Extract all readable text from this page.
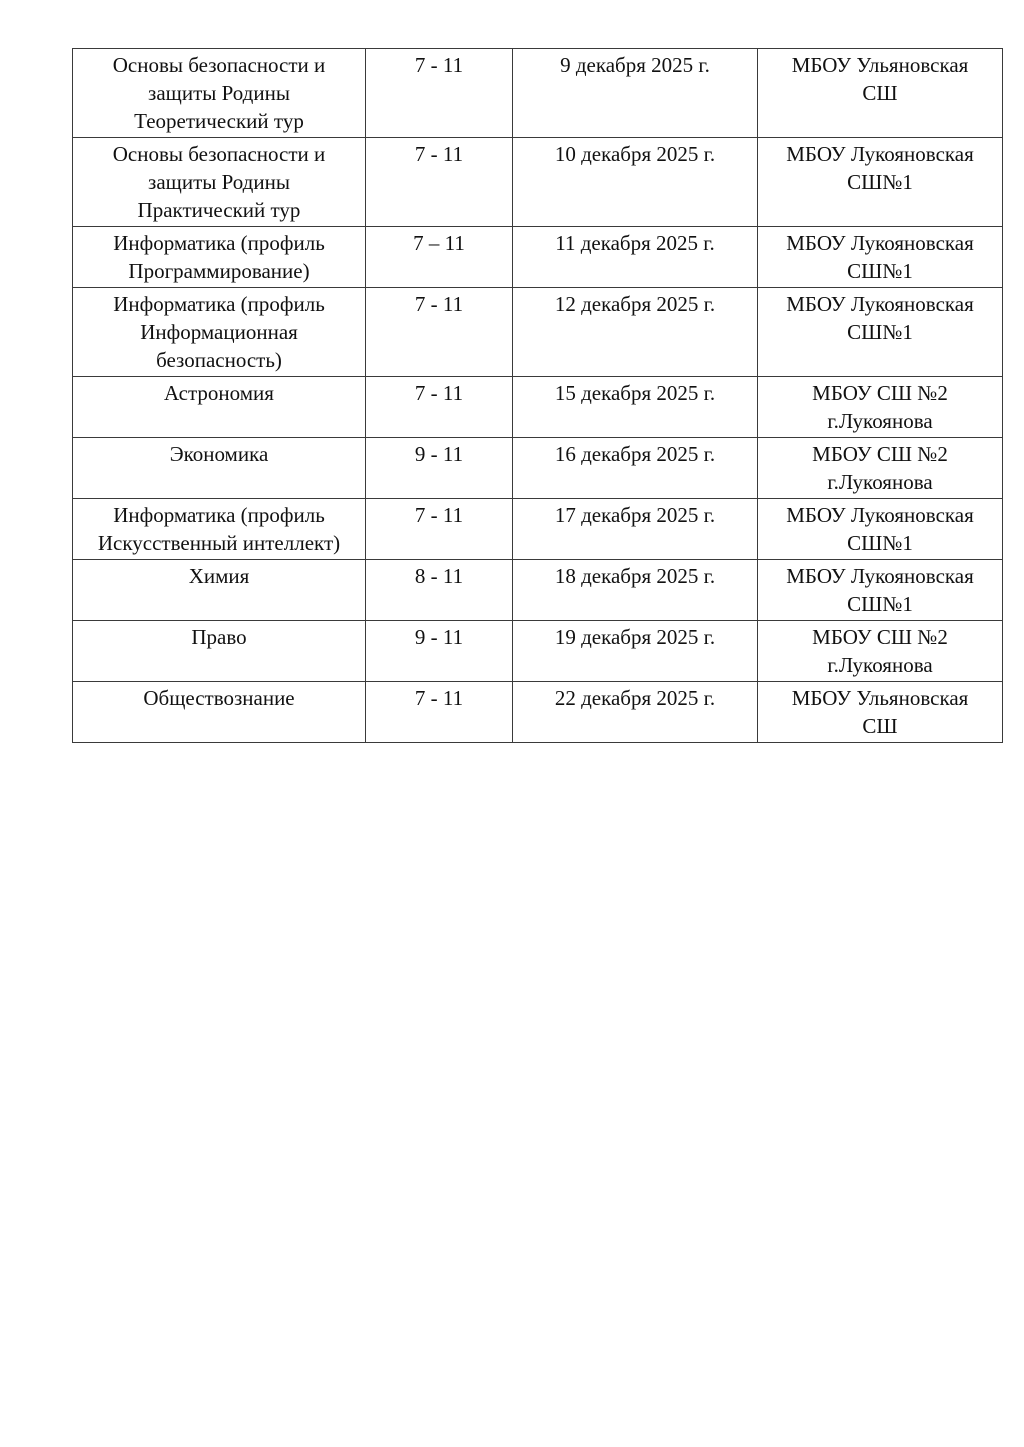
Основы безопасности и
защиты Родины
Теоретический тур	7 - 11	9 декабря 2025 г.	МБОУ Ульяновская
СШ

Основы безопасности и
защиты Родины
Практический тур	7 - 11	10 декабря 2025 г.	МБОУ Лукояновская
СШ№1

Информатика (профиль
Программирование)	7 – 11	11 декабря 2025 г.	МБОУ Лукояновская
СШ№1

Информатика (профиль
Информационная
безопасность)	7 - 11	12 декабря 2025 г.	МБОУ Лукояновская
СШ№1

Астрономия	7 - 11	15 декабря 2025 г.	МБОУ СШ №2
г.Лукоянова

Экономика	9 - 11	16 декабря 2025 г.	МБОУ СШ №2
г.Лукоянова

Информатика (профиль
Искусственный интеллект)	7 - 11	17 декабря 2025 г.	МБОУ Лукояновская
СШ№1

Химия	8 - 11	18 декабря 2025 г.	МБОУ Лукояновская
СШ№1

Право	9 - 11	19 декабря 2025 г.	МБОУ СШ №2
г.Лукоянова

Обществознание	7 - 11	22 декабря 2025 г.	МБОУ Ульяновская
СШ
